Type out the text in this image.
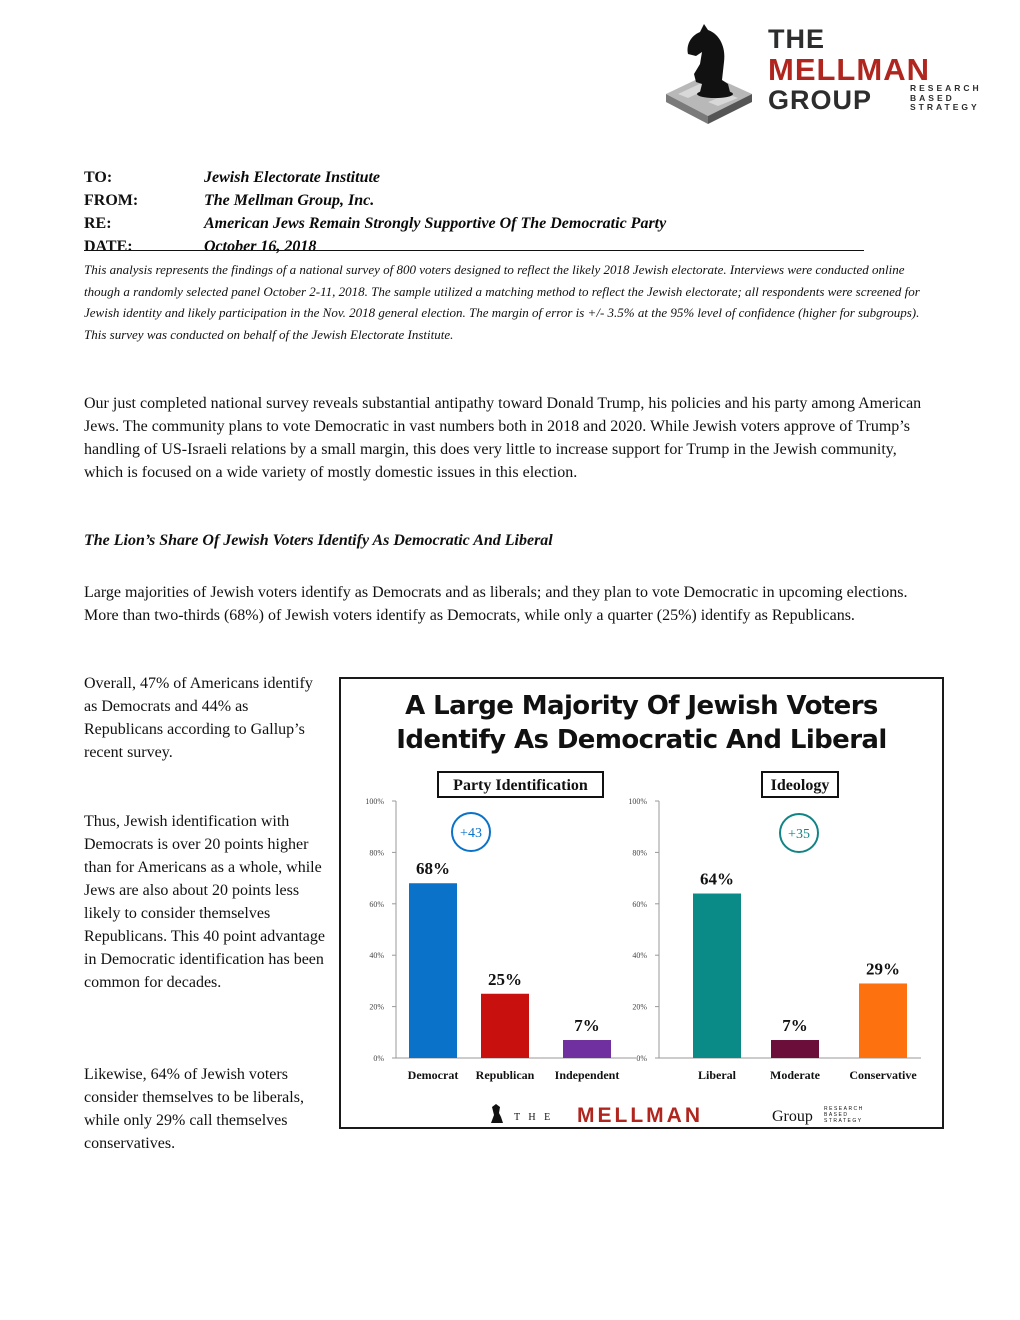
THE
MELLMAN
GROUP	RESEARCH
BASED
STRATEGY
TO:	Jewish Electorate Institute
FROM:	The Mellman Group, Inc.
RE:	American Jews Remain Strongly Supportive Of The Democratic Party
DATE:	October 16, 2018
This analysis represents the findings of a national survey of 800 voters designed to reflect the likely 2018 Jewish electorate. Interviews were conducted online though a randomly selected panel October 2-11, 2018. The sample utilized a matching method to reflect the Jewish electorate; all respondents were screened for Jewish identity and likely participation in the Nov. 2018 general election. The margin of error is +/- 3.5% at the 95% level of confidence (higher for subgroups). This survey was conducted on behalf of the Jewish Electorate Institute.
Our just completed national survey reveals substantial antipathy toward Donald Trump, his policies and his party among American Jews. The community plans to vote Democratic in vast numbers both in 2018 and 2020. While Jewish voters approve of Trump’s handling of US-Israeli relations by a small margin, this does very little to increase support for Trump in the Jewish community, which is focused on a wide variety of mostly domestic issues in this election.
The Lion’s Share Of Jewish Voters Identify As Democratic And Liberal
Large majorities of Jewish voters identify as Democrats and as liberals; and they plan to vote Democratic in upcoming elections. More than two-thirds (68%) of Jewish voters identify as Democrats, while only a quarter (25%) identify as Republicans.
Overall, 47% of Americans identify as Democrats and 44% as Republicans according to Gallup’s recent survey.
Thus, Jewish identification with Democrats is over 20 points higher than for Americans as a whole, while Jews are also about 20 points less likely to consider themselves Republicans. This 40 point advantage in Democratic identification has been common for decades.
Likewise, 64% of Jewish voters consider themselves to be liberals, while only 29% call themselves conservatives.
A Large Majority Of Jewish Voters
Identify As Democratic And Liberal
Party Identification
0%
20%
40%
60%
80%
100%
68%
Democrat
25%
Republican
7%
Independent
+43
Ideology
0%
20%
40%
60%
80%
100%
64%
Liberal
7%
Moderate
29%
Conservative
+35
T H E MELLMAN	Group RESEARCH
BASED
STRATEGY
